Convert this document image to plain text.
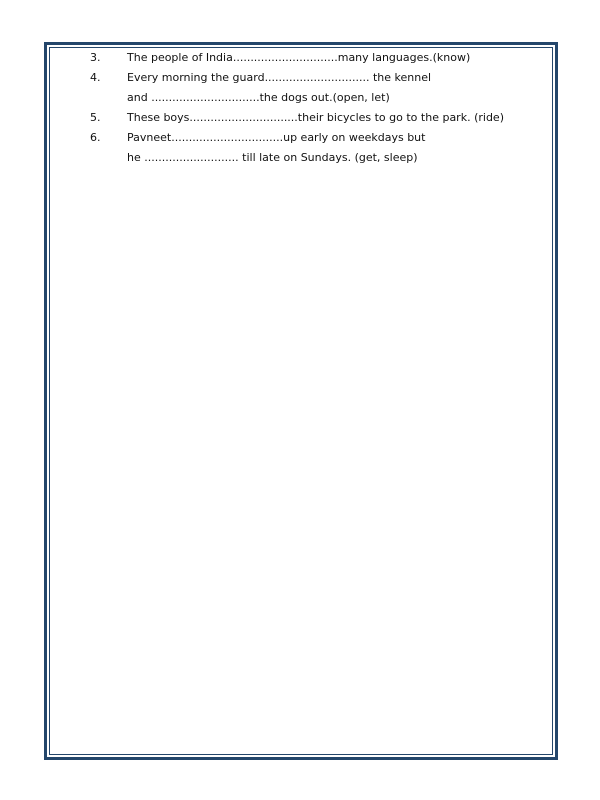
3. The people of India..............................many languages.(know)
4. Every morning the guard.............................. the kennel
and ...............................the dogs out.(open, let)
5. These boys...............................their bicycles to go to the park. (ride)
6. Pavneet................................up early on weekdays but
he ........................... till late on Sundays. (get, sleep)
